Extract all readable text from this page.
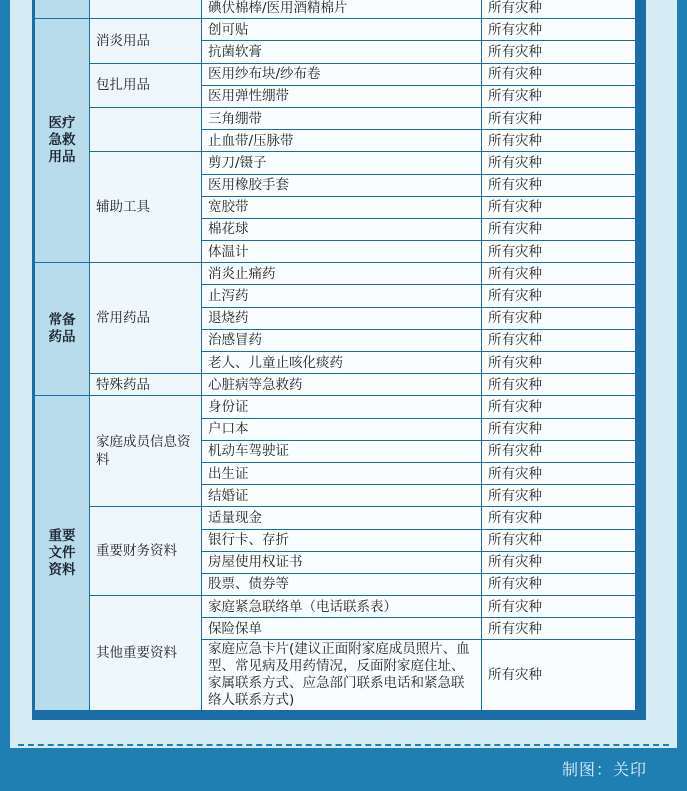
		碘伏棉棒/医用酒精棉片	所有灾种
医疗
急救
用品	消炎用品	创可贴	所有灾种
		抗菌软膏	所有灾种
	包扎用品	医用纱布块/纱布卷	所有灾种
		医用弹性绷带	所有灾种
		三角绷带	所有灾种
		止血带/压脉带	所有灾种
	辅助工具	剪刀/镊子	所有灾种
		医用橡胶手套	所有灾种
		宽胶带	所有灾种
		棉花球	所有灾种
		体温计	所有灾种
常备
药品	常用药品	消炎止痛药	所有灾种
		止泻药	所有灾种
		退烧药	所有灾种
		治感冒药	所有灾种
		老人、儿童止咳化痰药	所有灾种
	特殊药品	心脏病等急救药	所有灾种
重要
文件
资料	家庭成员信息资料	身份证	所有灾种
		户口本	所有灾种
		机动车驾驶证	所有灾种
		出生证	所有灾种
		结婚证	所有灾种
	重要财务资料	适量现金	所有灾种
		银行卡、存折	所有灾种
		房屋使用权证书	所有灾种
		股票、债券等	所有灾种
	其他重要资料	家庭紧急联络单（电话联系表）	所有灾种
		保险保单	所有灾种
		家庭应急卡片(建议正面附家庭成员照片、血型、常见病及用药情况，反面附家庭住址、家属联系方式、应急部门联系电话和紧急联络人联系方式)	所有灾种
制图：关印
